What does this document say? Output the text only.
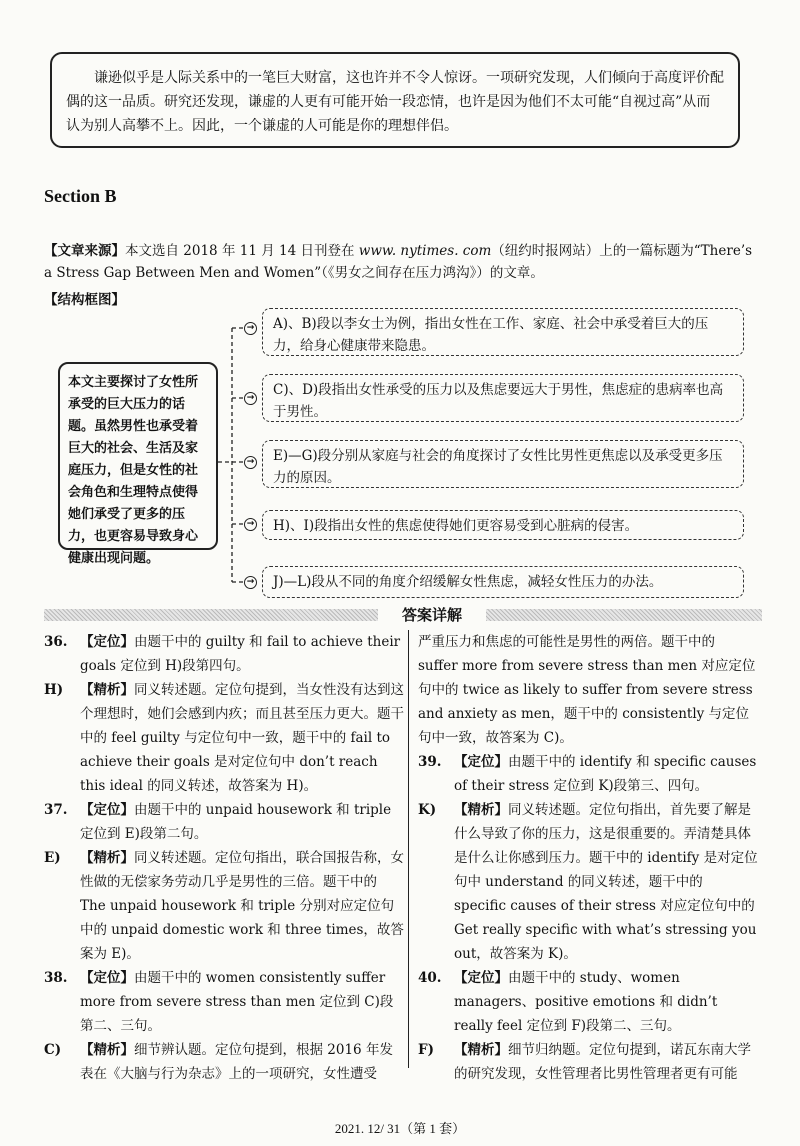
谦逊似乎是人际关系中的一笔巨大财富，这也许并不令人惊讶。一项研究发现，人们倾向于高度评价配偶的这一品质。研究还发现，谦虚的人更有可能开始一段恋情，也许是因为他们不太可能“自视过高”从而认为别人高攀不上。因此，一个谦虚的人可能是你的理想伴侣。
Section B
【文章来源】本文选自 2018 年 11 月 14 日刊登在 www. nytimes. com（纽约时报网站）上的一篇标题为“There’s a Stress Gap Between Men and Women”（《男女之间存在压力鸿沟》）的文章。
【结构框图】
本文主要探讨了女性所承受的巨大压力的话题。虽然男性也承受着巨大的社会、生活及家庭压力，但是女性的社会角色和生理特点使得她们承受了更多的压力，也更容易导致身心健康出现问题。
→
→
→
→
→
A)、B)段以李女士为例，指出女性在工作、家庭、社会中承受着巨大的压力，给身心健康带来隐患。
C)、D)段指出女性承受的压力以及焦虑要远大于男性，焦虑症的患病率也高于男性。
E)—G)段分别从家庭与社会的角度探讨了女性比男性更焦虑以及承受更多压力的原因。
H)、I)段指出女性的焦虑使得她们更容易受到心脏病的侵害。
J)—L)段从不同的角度介绍缓解女性焦虑，减轻女性压力的办法。
答案详解
36. 【定位】由题干中的 guilty 和 fail to achieve their goals 定位到 H)段第四句。
H) 【精析】同义转述题。定位句提到，当女性没有达到这个理想时，她们会感到内疚；而且甚至压力更大。题干中的 feel guilty 与定位句中一致，题干中的 fail to achieve their goals 是对定位句中 don’t reach this ideal 的同义转述，故答案为 H)。
37. 【定位】由题干中的 unpaid housework 和 triple 定位到 E)段第二句。
E) 【精析】同义转述题。定位句指出，联合国报告称，女性做的无偿家务劳动几乎是男性的三倍。题干中的 The unpaid housework 和 triple 分别对应定位句中的 unpaid domestic work 和 three times，故答案为 E)。
38. 【定位】由题干中的 women consistently suffer more from severe stress than men 定位到 C)段第二、三句。
C) 【精析】细节辨认题。定位句提到，根据 2016 年发表在《大脑与行为杂志》上的一项研究，女性遭受
严重压力和焦虑的可能性是男性的两倍。题干中的 suffer more from severe stress than men 对应定位句中的 twice as likely to suffer from severe stress and anxiety as men，题干中的 consistently 与定位句中一致，故答案为 C)。
39. 【定位】由题干中的 identify 和 specific causes of their stress 定位到 K)段第三、四句。
K) 【精析】同义转述题。定位句指出，首先要了解是什么导致了你的压力，这是很重要的。弄清楚具体是什么让你感到压力。题干中的 identify 是对定位句中 understand 的同义转述，题干中的 specific causes of their stress 对应定位句中的 Get really specific with what’s stressing you out，故答案为 K)。
40. 【定位】由题干中的 study、women managers、positive emotions 和 didn’t really feel 定位到 F)段第二、三句。
F) 【精析】细节归纳题。定位句提到，诺瓦东南大学的研究发现，女性管理者比男性管理者更有可能
2021. 12/ 31（第 1 套）
